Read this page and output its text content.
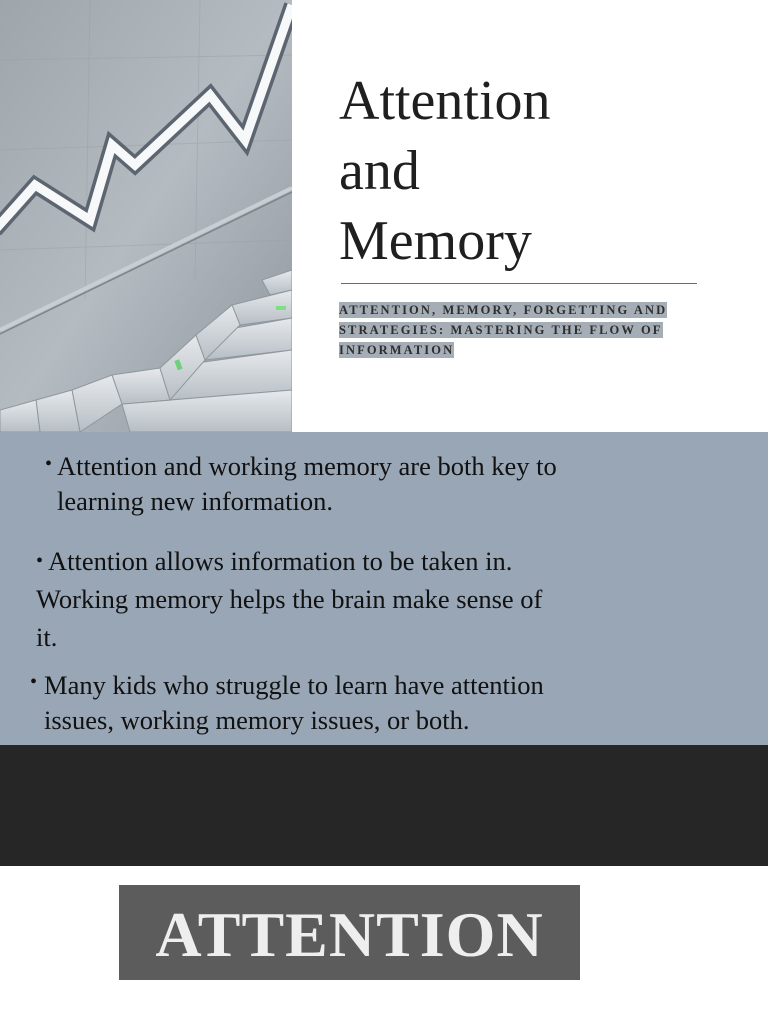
Attention
and
Memory

ATTENTION, MEMORY, FORGETTING AND
STRATEGIES: MASTERING THE FLOW OF
INFORMATION

• Attention and working memory are both key to
learning new information.

• Attention allows information to be taken in.
Working memory helps the brain make sense of
it.

• Many kids who struggle to learn have attention
issues, working memory issues, or both.

ATTENTION
